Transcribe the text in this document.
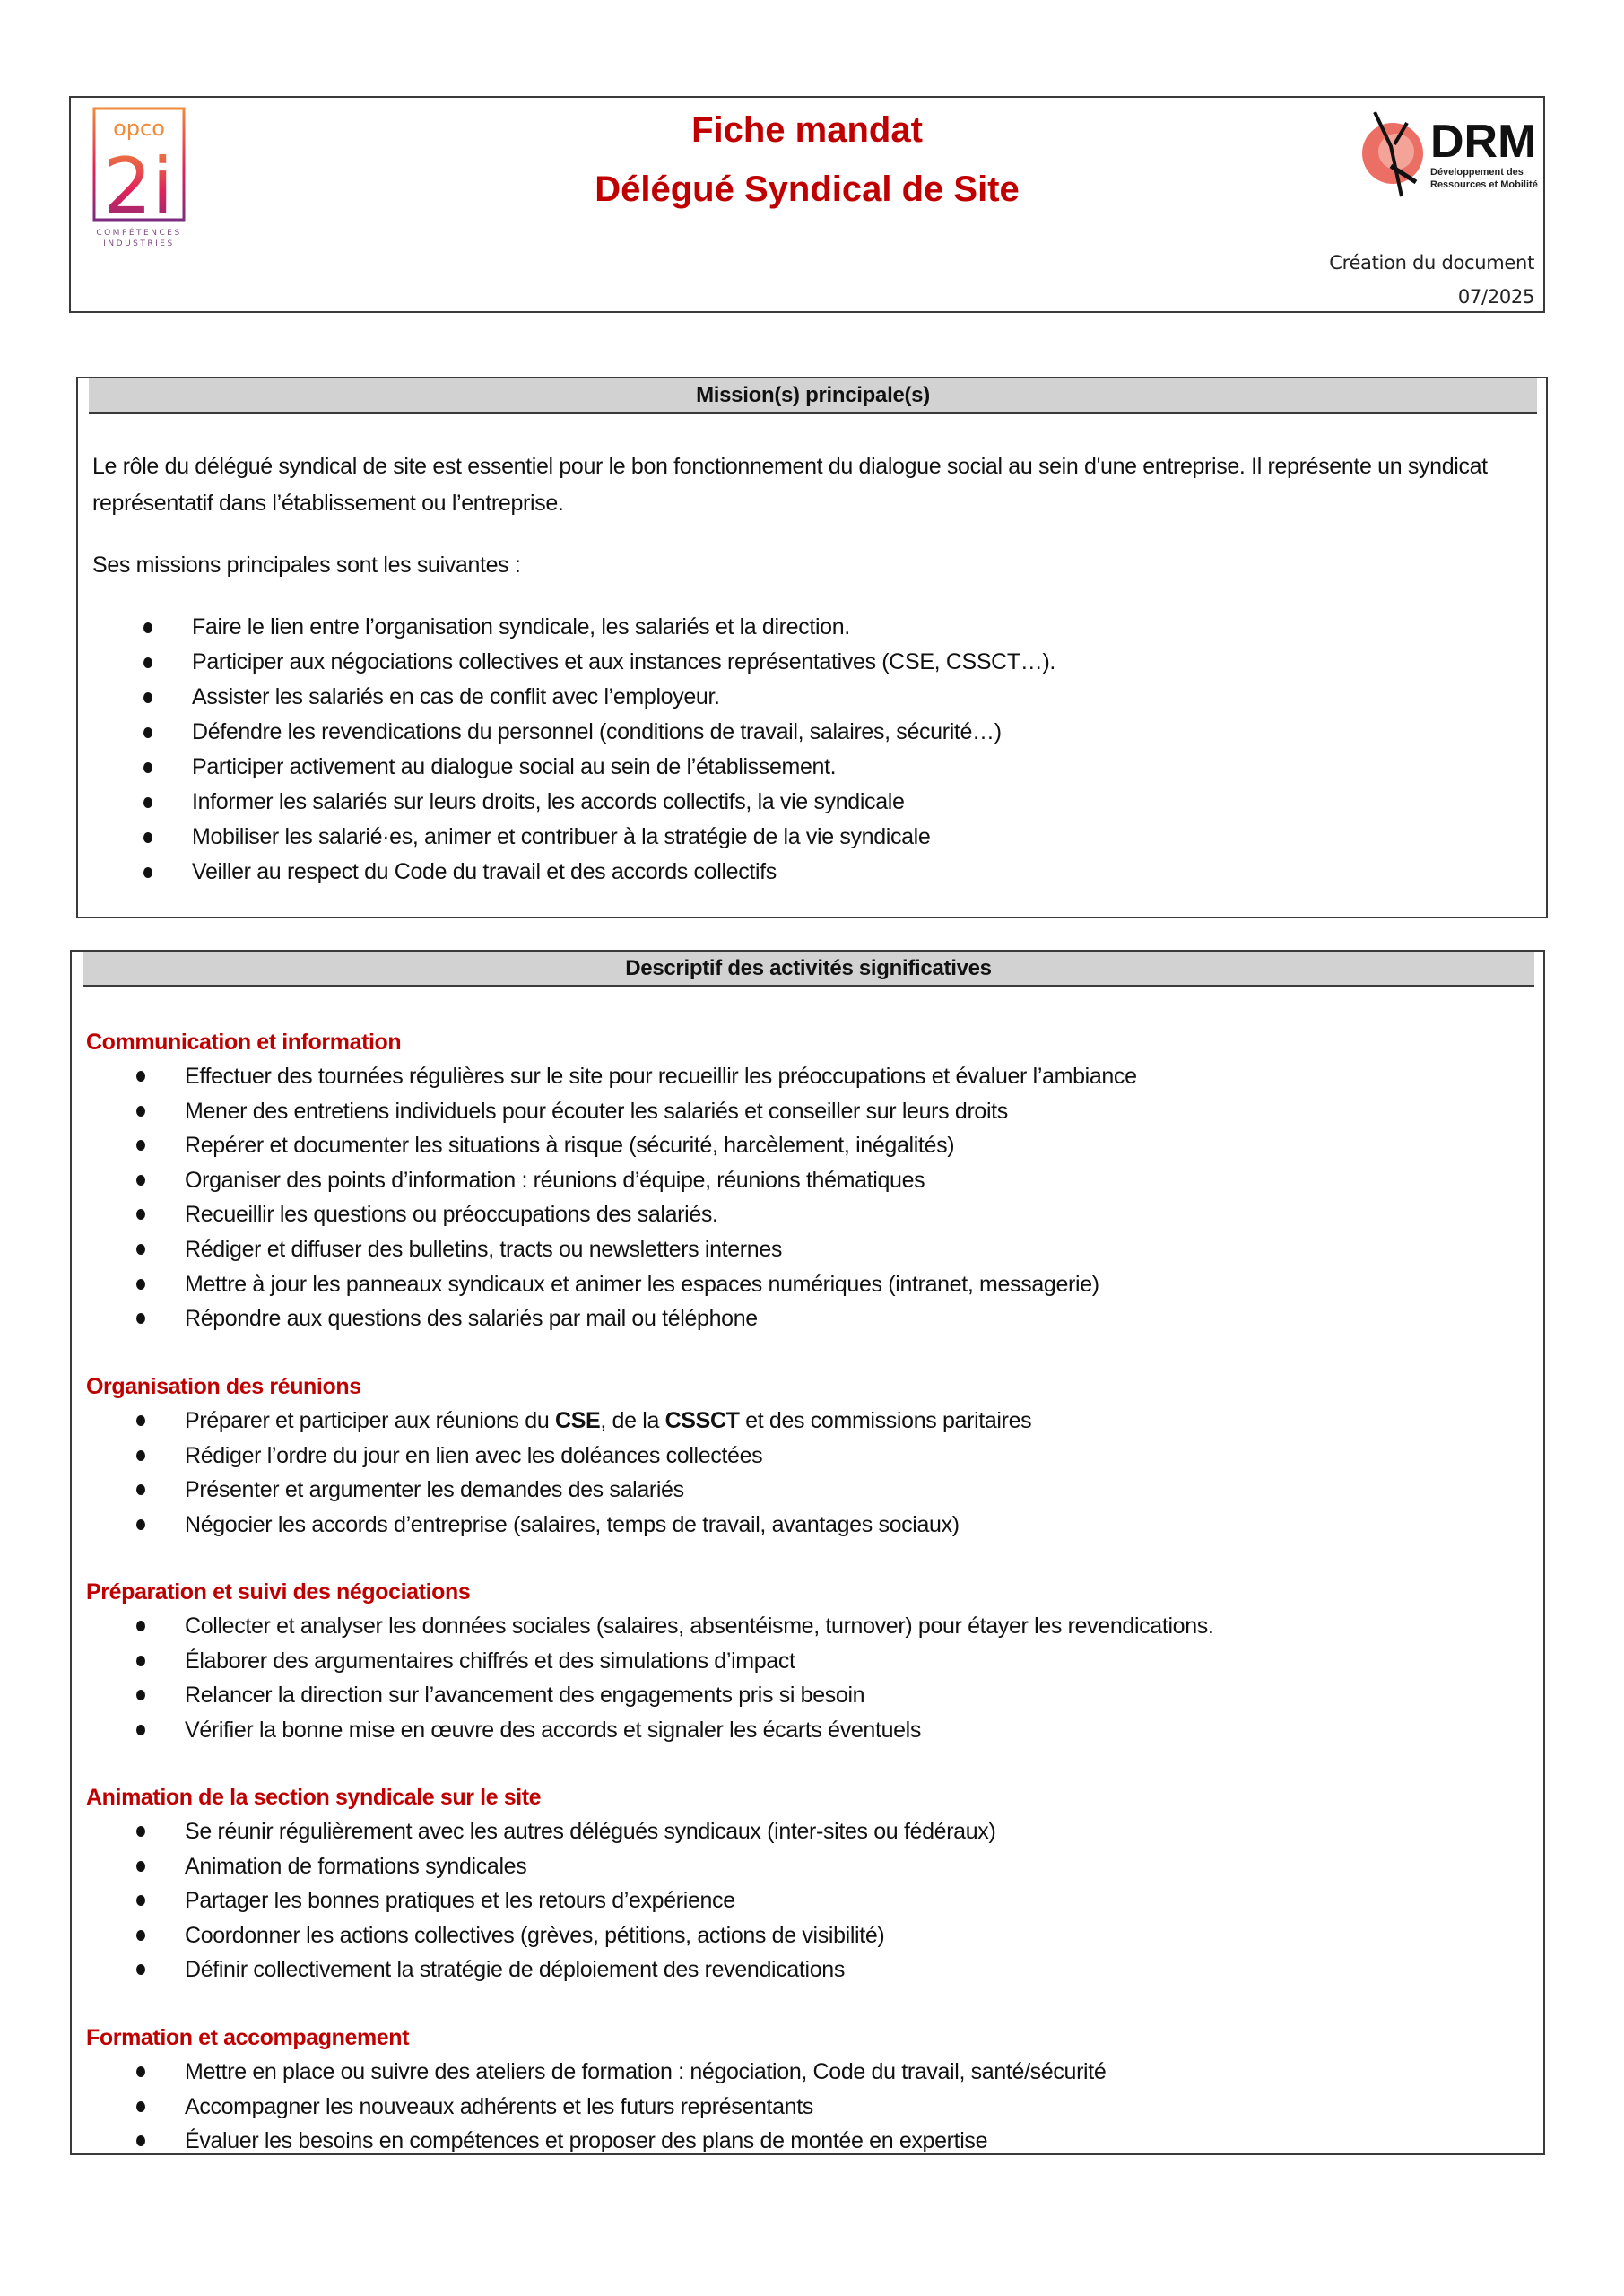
opco
2i
COMPÉTENCES
INDUSTRIES
Fiche mandat
Délégué Syndical de Site
DRM
Développement des
Ressources et Mobilité
Création du document
07/2025
Mission(s) principale(s)
Le rôle du délégué syndical de site est essentiel pour le bon fonctionnement du dialogue social au sein d'une entreprise. Il représente un syndicat représentatif dans l’établissement ou l’entreprise.
Ses missions principales sont les suivantes :
Faire le lien entre l’organisation syndicale, les salariés et la direction.
Participer aux négociations collectives et aux instances représentatives (CSE, CSSCT…).
Assister les salariés en cas de conflit avec l’employeur.
Défendre les revendications du personnel (conditions de travail, salaires, sécurité…)
Participer activement au dialogue social au sein de l’établissement.
Informer les salariés sur leurs droits, les accords collectifs, la vie syndicale
Mobiliser les salarié·es, animer et contribuer à la stratégie de la vie syndicale
Veiller au respect du Code du travail et des accords collectifs
Descriptif des activités significatives
Communication et information
Effectuer des tournées régulières sur le site pour recueillir les préoccupations et évaluer l’ambiance
Mener des entretiens individuels pour écouter les salariés et conseiller sur leurs droits
Repérer et documenter les situations à risque (sécurité, harcèlement, inégalités)
Organiser des points d’information : réunions d’équipe, réunions thématiques
Recueillir les questions ou préoccupations des salariés.
Rédiger et diffuser des bulletins, tracts ou newsletters internes
Mettre à jour les panneaux syndicaux et animer les espaces numériques (intranet, messagerie)
Répondre aux questions des salariés par mail ou téléphone
Organisation des réunions
Préparer et participer aux réunions du CSE, de la CSSCT et des commissions paritaires
Rédiger l’ordre du jour en lien avec les doléances collectées
Présenter et argumenter les demandes des salariés
Négocier les accords d’entreprise (salaires, temps de travail, avantages sociaux)
Préparation et suivi des négociations
Collecter et analyser les données sociales (salaires, absentéisme, turnover) pour étayer les revendications.
Élaborer des argumentaires chiffrés et des simulations d’impact
Relancer la direction sur l’avancement des engagements pris si besoin
Vérifier la bonne mise en œuvre des accords et signaler les écarts éventuels
Animation de la section syndicale sur le site
Se réunir régulièrement avec les autres délégués syndicaux (inter-sites ou fédéraux)
Animation de formations syndicales
Partager les bonnes pratiques et les retours d’expérience
Coordonner les actions collectives (grèves, pétitions, actions de visibilité)
Définir collectivement la stratégie de déploiement des revendications
Formation et accompagnement
Mettre en place ou suivre des ateliers de formation : négociation, Code du travail, santé/sécurité
Accompagner les nouveaux adhérents et les futurs représentants
Évaluer les besoins en compétences et proposer des plans de montée en expertise
